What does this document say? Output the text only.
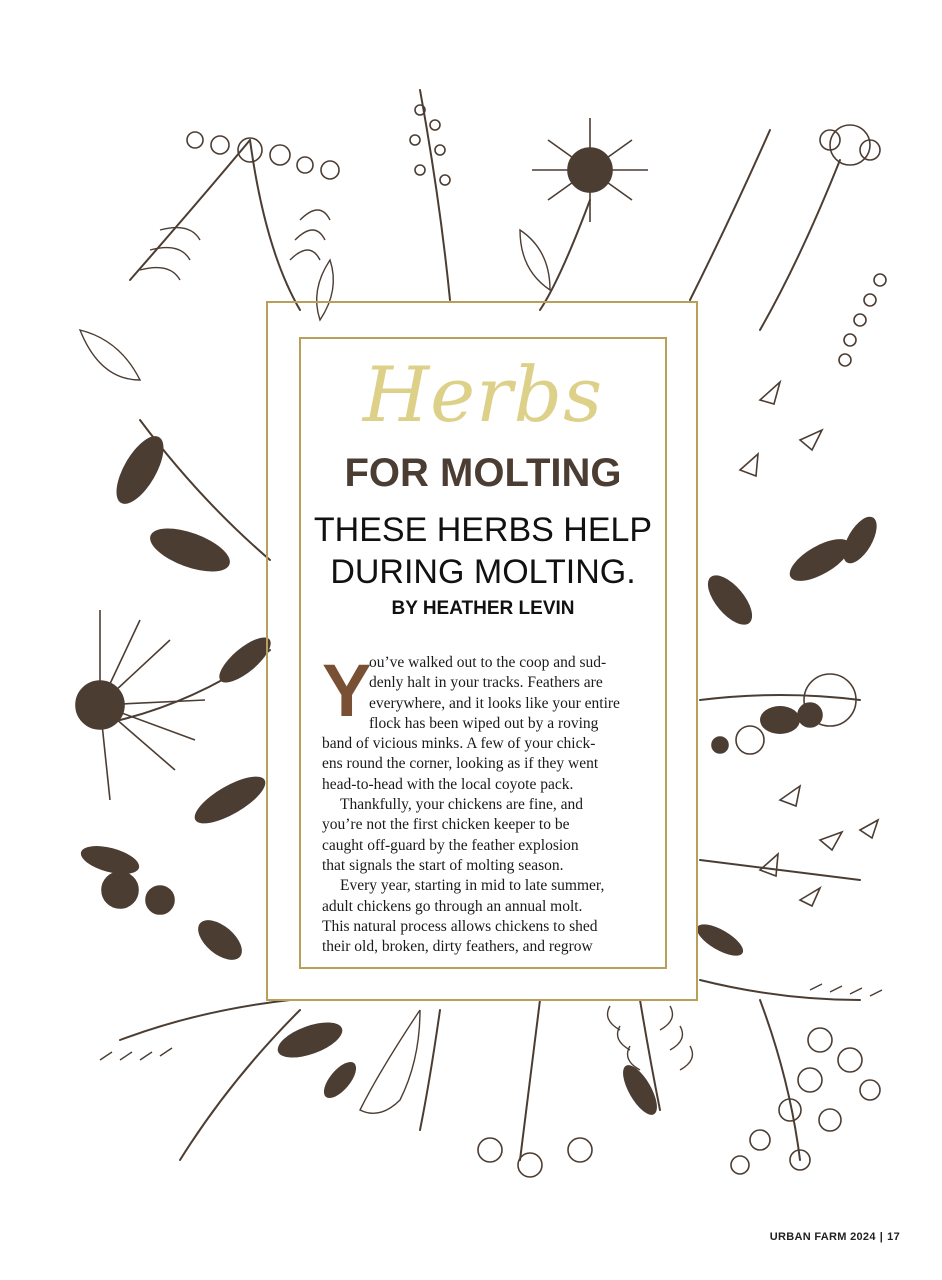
Herbs
FOR MOLTING
THESE HERBS HELP
DURING MOLTING.
BY HEATHER LEVIN
Y
ou’ve walked out to the coop and sud-
denly halt in your tracks. Feathers are
everywhere, and it looks like your entire
flock has been wiped out by a roving
band of vicious minks. A few of your chick-
ens round the corner, looking as if they went
head-to-head with the local coyote pack.
Thankfully, your chickens are fine, and
you’re not the first chicken keeper to be
caught off-guard by the feather explosion
that signals the start of molting season.
Every year, starting in mid to late summer,
adult chickens go through an annual molt.
This natural process allows chickens to shed
their old, broken, dirty feathers, and regrow
URBAN FARM 2024 | 17
